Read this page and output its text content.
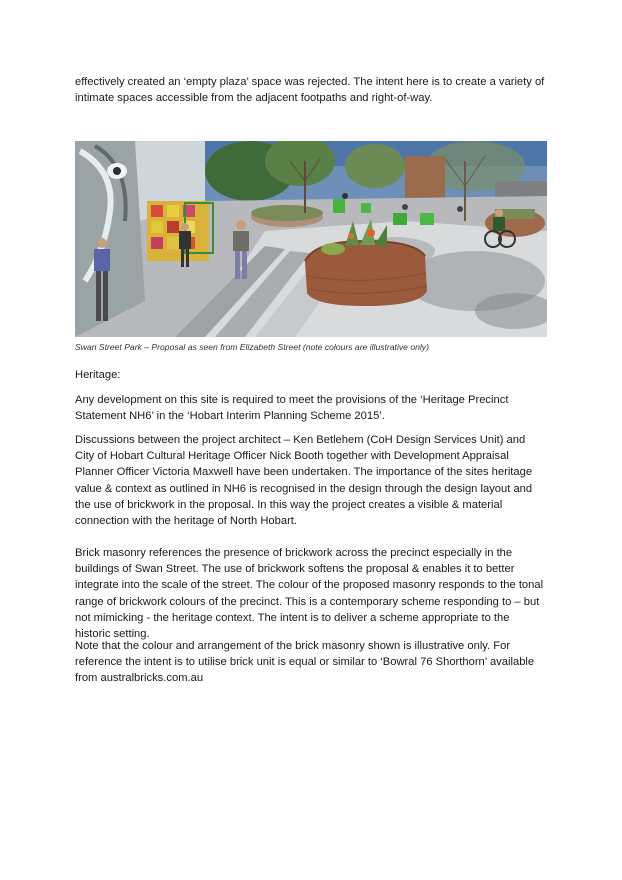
effectively created an ‘empty plaza’ space was rejected. The intent here is to create a variety of intimate spaces accessible from the adjacent footpaths and right-of-way.

Swan Street Park – Proposal as seen from Elizabeth Street (note colours are illustrative only)

Heritage:

Any development on this site is required to meet the provisions of the ‘Heritage Precinct Statement NH6’ in the ‘Hobart Interim Planning Scheme 2015’.

Discussions between the project architect – Ken Betlehem (CoH Design Services Unit) and City of Hobart Cultural Heritage Officer Nick Booth together with Development Appraisal Planner Officer Victoria Maxwell have been undertaken. The importance of the sites heritage value & context as outlined in NH6 is recognised in the design through the design layout and the use of brickwork in the proposal. In this way the project creates a visible & material connection with the heritage of North Hobart.

Brick masonry references the presence of brickwork across the precinct especially in the buildings of Swan Street. The use of brickwork softens the proposal & enables it to better integrate into the scale of the street. The colour of the proposed masonry responds to the tonal range of brickwork colours of the precinct. This is a contemporary scheme responding to – but not mimicking - the heritage context. The intent is to deliver a scheme appropriate to the historic setting.

Note that the colour and arrangement of the brick masonry shown is illustrative only. For reference the intent is to utilise brick unit is equal or similar to ‘Bowral 76 Shorthorn’ available from australbricks.com.au
